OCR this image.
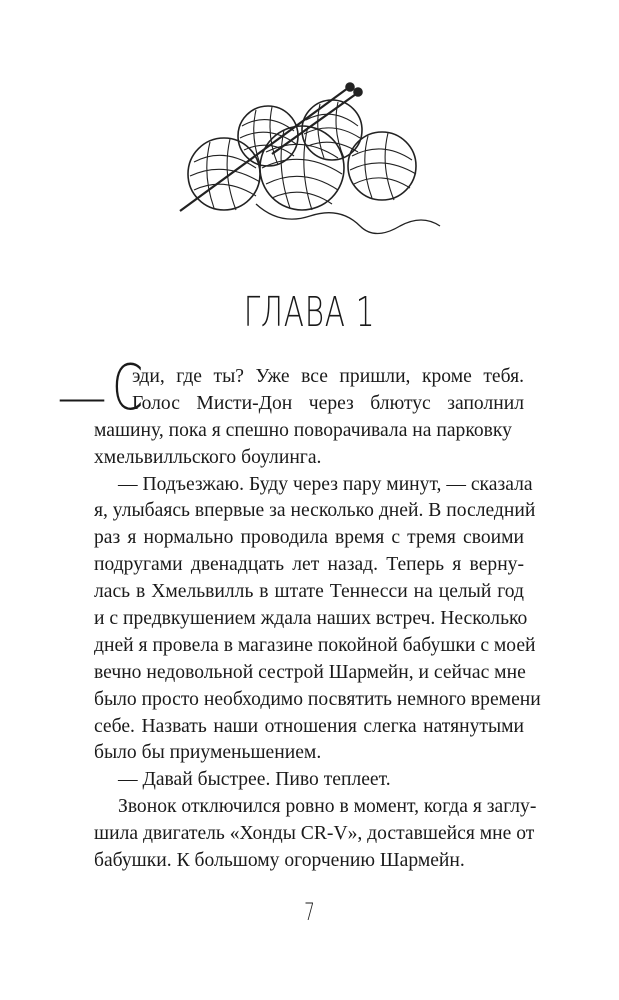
ГЛАВА 1
— С
эди, где ты? Уже все пришли, кроме тебя.
Голос Мисти-Дон через блютус заполнил
машину, пока я спешно поворачивала на парковку
хмельвилльского боулинга.
— Подъезжаю. Буду через пару минут, — сказала
я, улыбаясь впервые за несколько дней. В последний
раз я нормально проводила время с тремя своими
подругами двенадцать лет назад. Теперь я верну-
лась в Хмельвилль в штате Теннесси на целый год
и с предвкушением ждала наших встреч. Несколько
дней я провела в магазине покойной бабушки с моей
вечно недовольной сестрой Шармейн, и сейчас мне
было просто необходимо посвятить немного времени
себе. Назвать наши отношения слегка натянутыми
было бы приуменьшением.
— Давай быстрее. Пиво теплеет.
Звонок отключился ровно в момент, когда я заглу-
шила двигатель «Хонды CR-V», доставшейся мне от
бабушки. К большому огорчению Шармейн.
7
